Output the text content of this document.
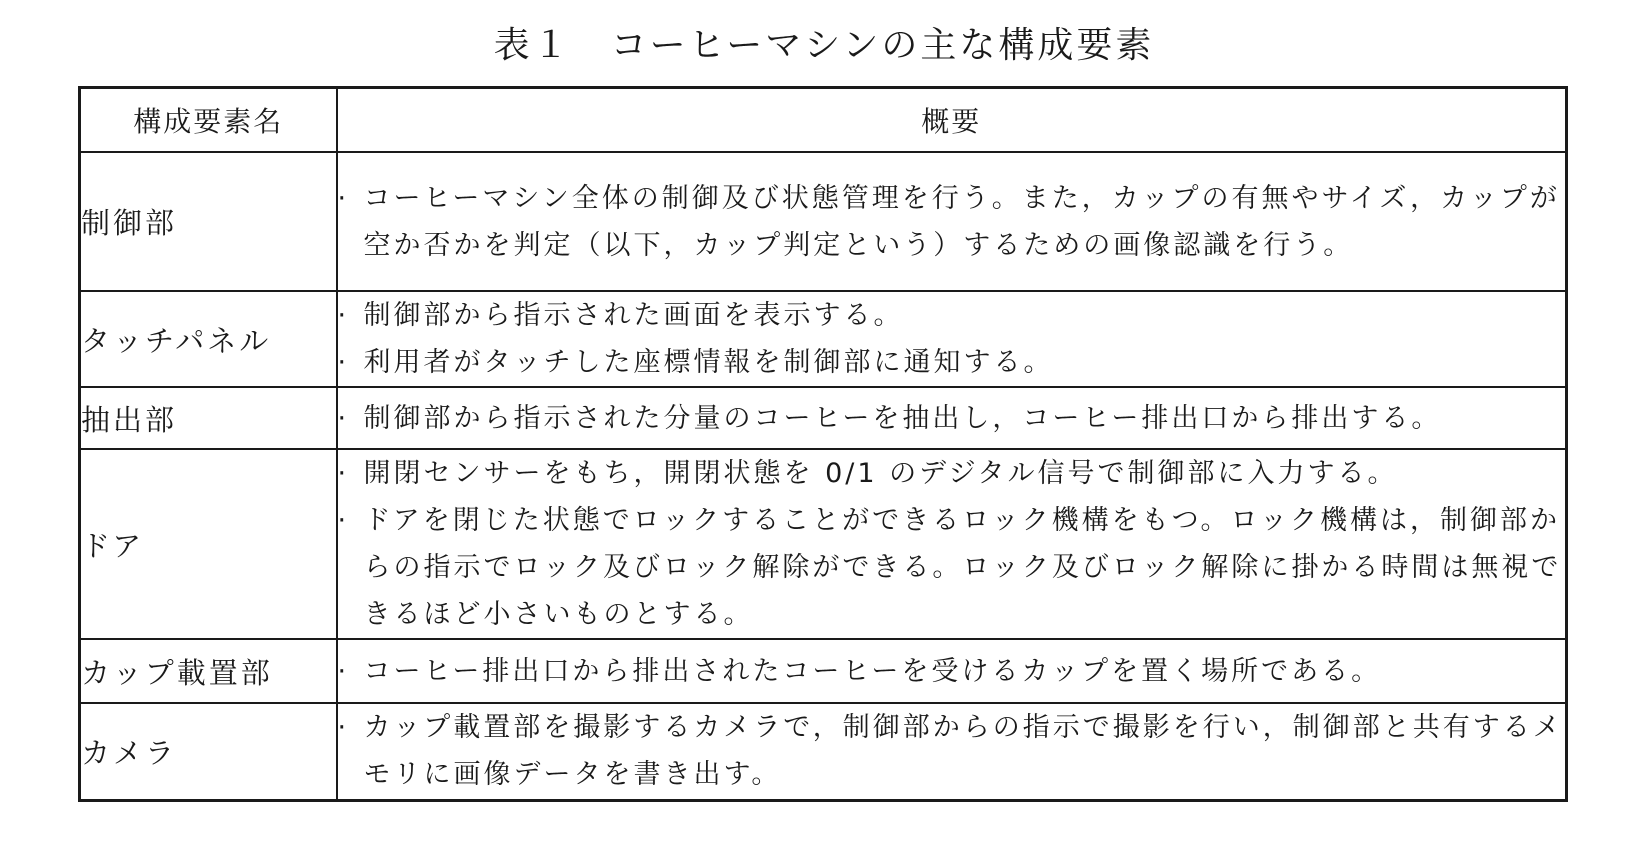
表１　コーヒーマシンの主な構成要素
構成要素名	概要
制御部	· コーヒーマシン全体の制御及び状態管理を行う。また，カップの有無やサイズ，カップが空か否かを判定（以下，カップ判定という）するための画像認識を行う。

タッチパネル	· 制御部から指示された画面を表示する。
· 利用者がタッチした座標情報を制御部に通知する。

抽出部	· 制御部から指示された分量のコーヒーを抽出し，コーヒー排出口から排出する。

ドア	· 開閉センサーをもち，開閉状態を 0/1 のデジタル信号で制御部に入力する。
· ドアを閉じた状態でロックすることができるロック機構をもつ。ロック機構は，制御部からの指示でロック及びロック解除ができる。ロック及びロック解除に掛かる時間は無視できるほど小さいものとする。

カップ載置部	· コーヒー排出口から排出されたコーヒーを受けるカップを置く場所である。

カメラ	· カップ載置部を撮影するカメラで，制御部からの指示で撮影を行い，制御部と共有するメモリに画像データを書き出す。
